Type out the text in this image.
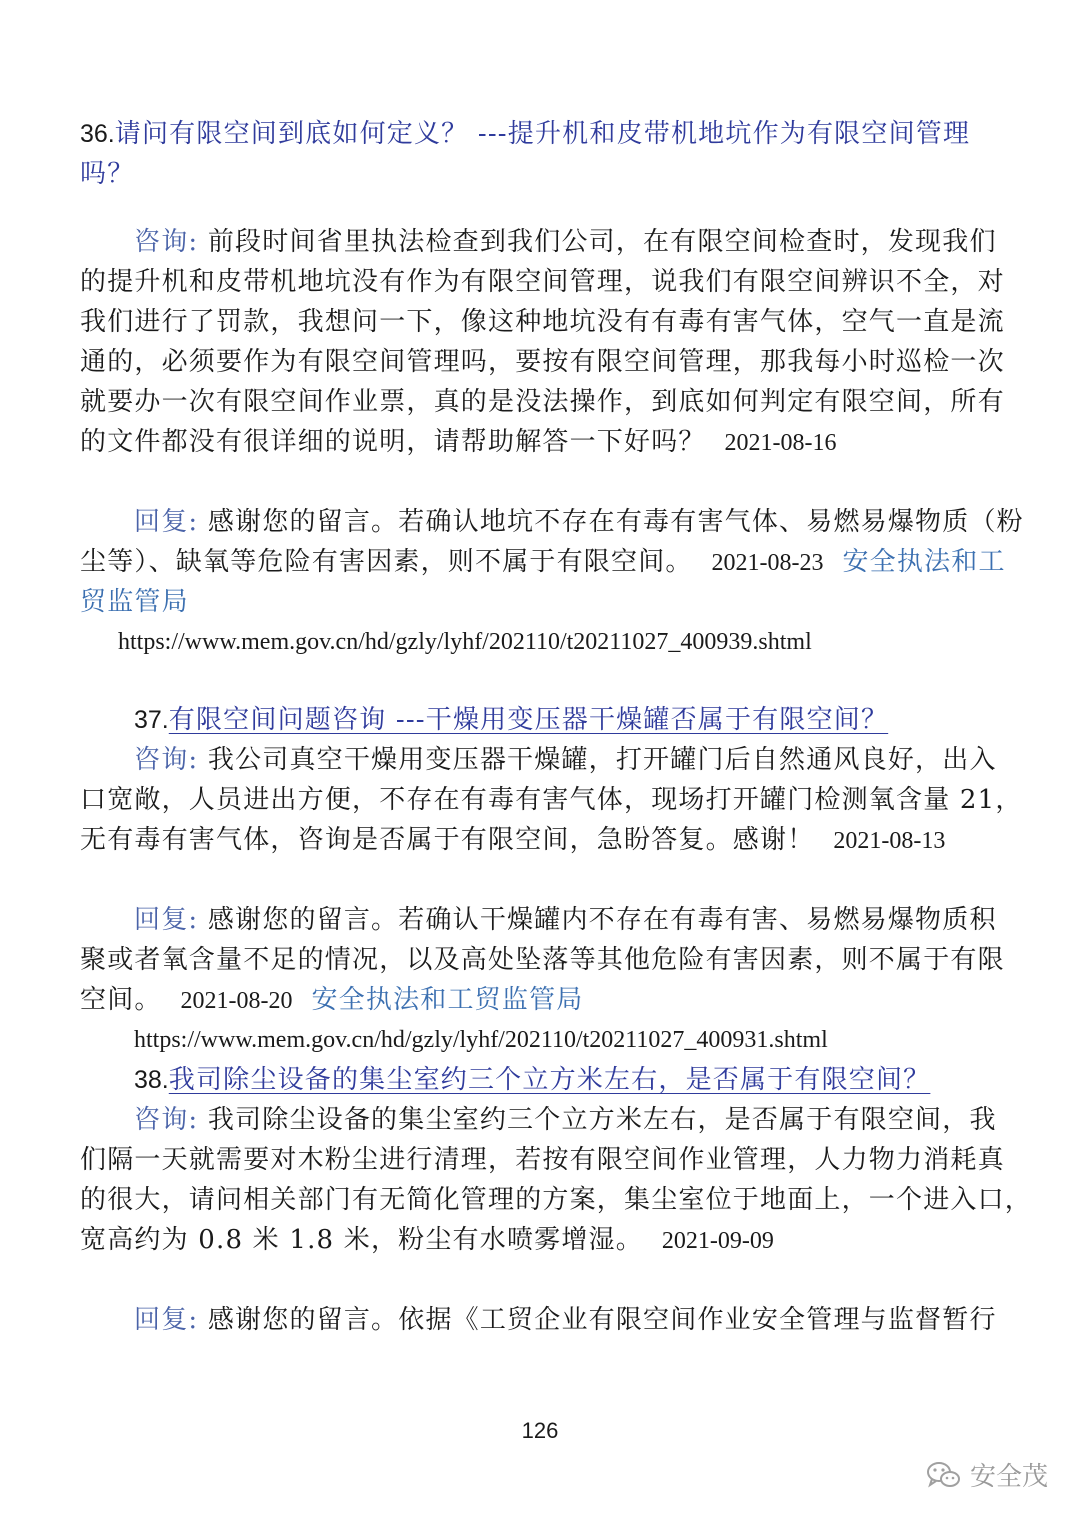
36.请问有限空间到底如何定义？ ---提升机和皮带机地坑作为有限空间管理
吗？
咨询: 前段时间省里执法检查到我们公司，在有限空间检查时，发现我们
的提升机和皮带机地坑没有作为有限空间管理，说我们有限空间辨识不全，对
我们进行了罚款，我想问一下，像这种地坑没有有毒有害气体，空气一直是流
通的，必须要作为有限空间管理吗，要按有限空间管理，那我每小时巡检一次
就要办一次有限空间作业票，真的是没法操作，到底如何判定有限空间，所有
的文件都没有很详细的说明，请帮助解答一下好吗？ 2021-08-16
回复: 感谢您的留言。若确认地坑不存在有毒有害气体、易燃易爆物质（粉
尘等）、缺氧等危险有害因素，则不属于有限空间。 2021-08-23 安全执法和工
贸监管局
https://www.mem.gov.cn/hd/gzly/lyhf/202110/t20211027_400939.shtml
37.有限空间问题咨询 ---干燥用变压器干燥罐否属于有限空间？
咨询: 我公司真空干燥用变压器干燥罐，打开罐门后自然通风良好，出入
口宽敞，人员进出方便，不存在有毒有害气体，现场打开罐门检测氧含量 21，
无有毒有害气体，咨询是否属于有限空间，急盼答复。感谢！ 2021-08-13
回复: 感谢您的留言。若确认干燥罐内不存在有毒有害、易燃易爆物质积
聚或者氧含量不足的情况，以及高处坠落等其他危险有害因素，则不属于有限
空间。 2021-08-20 安全执法和工贸监管局
https://www.mem.gov.cn/hd/gzly/lyhf/202110/t20211027_400931.shtml
38.我司除尘设备的集尘室约三个立方米左右，是否属于有限空间？
咨询: 我司除尘设备的集尘室约三个立方米左右，是否属于有限空间，我
们隔一天就需要对木粉尘进行清理，若按有限空间作业管理，人力物力消耗真
的很大，请问相关部门有无简化管理的方案，集尘室位于地面上，一个进入口，
宽高约为 0.8 米 1.8 米，粉尘有水喷雾增湿。 2021-09-09
回复: 感谢您的留言。依据《工贸企业有限空间作业安全管理与监督暂行
126
安全茂
